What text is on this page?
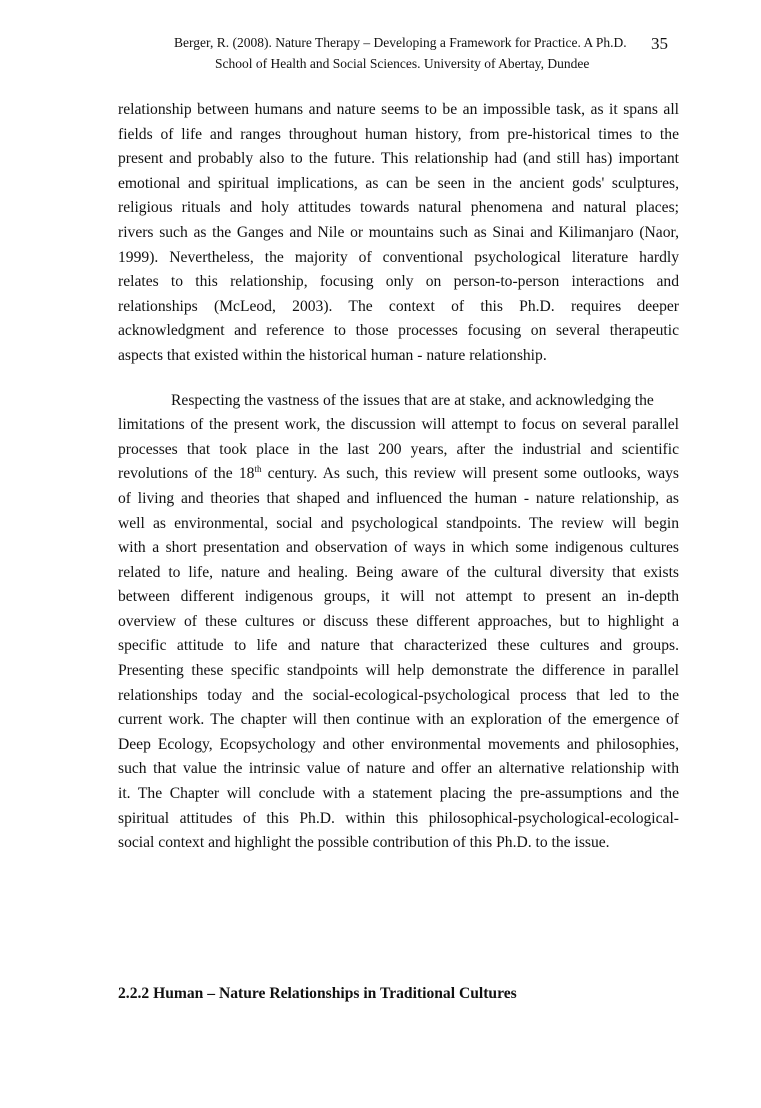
Berger, R. (2008). Nature Therapy – Developing a Framework for Practice. A Ph.D. 35
School of Health and Social Sciences. University of Abertay, Dundee

relationship between humans and nature seems to be an impossible task, as it spans all
fields of life and ranges throughout human history, from pre-historical times to the
present and probably also to the future. This relationship had (and still has) important
emotional and spiritual implications, as can be seen in the ancient gods' sculptures,
religious rituals and holy attitudes towards natural phenomena and natural places;
rivers such as the Ganges and Nile or mountains such as Sinai and Kilimanjaro (Naor,
1999). Nevertheless, the majority of conventional psychological literature hardly
relates to this relationship, focusing only on person-to-person interactions and
relationships (McLeod, 2003). The context of this Ph.D. requires deeper
acknowledgment and reference to those processes focusing on several therapeutic
aspects that existed within the historical human - nature relationship.

Respecting the vastness of the issues that are at stake, and acknowledging the
limitations of the present work, the discussion will attempt to focus on several parallel
processes that took place in the last 200 years, after the industrial and scientific
revolutions of the 18th century. As such, this review will present some outlooks, ways
of living and theories that shaped and influenced the human - nature relationship, as
well as environmental, social and psychological standpoints. The review will begin
with a short presentation and observation of ways in which some indigenous cultures
related to life, nature and healing. Being aware of the cultural diversity that exists
between different indigenous groups, it will not attempt to present an in-depth
overview of these cultures or discuss these different approaches, but to highlight a
specific attitude to life and nature that characterized these cultures and groups.
Presenting these specific standpoints will help demonstrate the difference in parallel
relationships today and the social-ecological-psychological process that led to the
current work. The chapter will then continue with an exploration of the emergence of
Deep Ecology, Ecopsychology and other environmental movements and philosophies,
such that value the intrinsic value of nature and offer an alternative relationship with
it. The Chapter will conclude with a statement placing the pre-assumptions and the
spiritual attitudes of this Ph.D. within this philosophical-psychological-ecological-
social context and highlight the possible contribution of this Ph.D. to the issue.

2.2.2 Human – Nature Relationships in Traditional Cultures
